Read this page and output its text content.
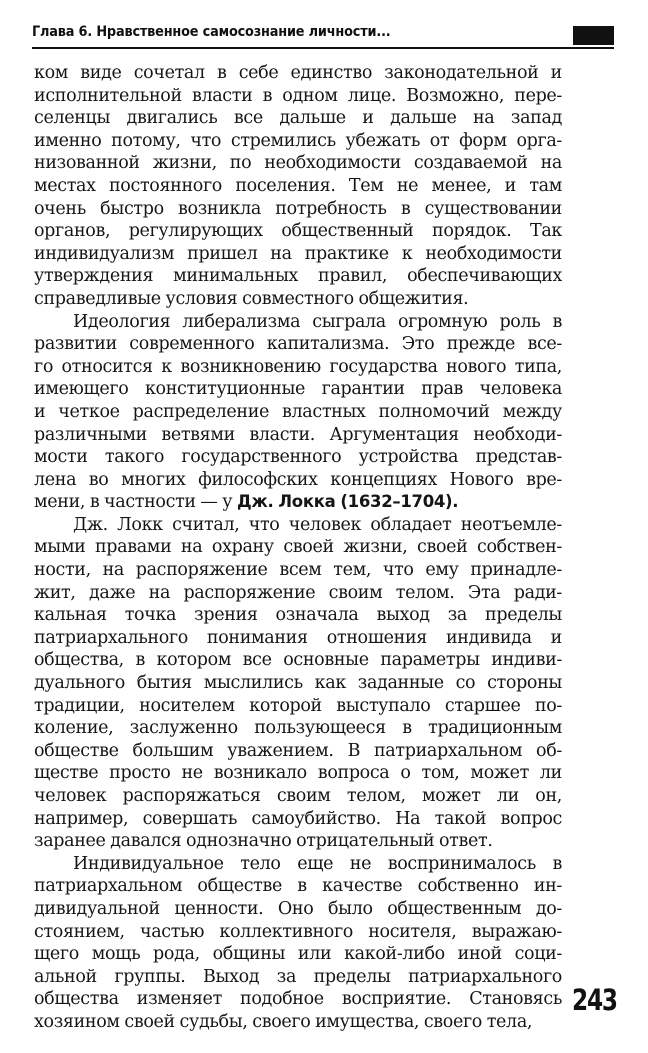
Глава 6. Нравственное самосознание личности...
ком виде сочетал в себе единство законодательной и
исполнительной власти в одном лице. Возможно, пере-
селенцы двигались все дальше и дальше на запад
именно потому, что стремились убежать от форм орга-
низованной жизни, по необходимости создаваемой на
местах постоянного поселения. Тем не менее, и там
очень быстро возникла потребность в существовании
органов, регулирующих общественный порядок. Так
индивидуализм пришел на практике к необходимости
утверждения минимальных правил, обеспечивающих
справедливые условия совместного общежития.
Идеология либерализма сыграла огромную роль в
развитии современного капитализма. Это прежде все-
го относится к возникновению государства нового типа,
имеющего конституционные гарантии прав человека
и четкое распределение властных полномочий между
различными ветвями власти. Аргументация необходи-
мости такого государственного устройства представ-
лена во многих философских концепциях Нового вре-
мени, в частности — у Дж. Локка (1632–1704).
Дж. Локк считал, что человек обладает неотъемле-
мыми правами на охрану своей жизни, своей собствен-
ности, на распоряжение всем тем, что ему принадле-
жит, даже на распоряжение своим телом. Эта ради-
кальная точка зрения означала выход за пределы
патриархального понимания отношения индивида и
общества, в котором все основные параметры индиви-
дуального бытия мыслились как заданные со стороны
традиции, носителем которой выступало старшее по-
коление, заслуженно пользующееся в традиционным
обществе большим уважением. В патриархальном об-
ществе просто не возникало вопроса о том, может ли
человек распоряжаться своим телом, может ли он,
например, совершать самоубийство. На такой вопрос
заранее давался однозначно отрицательный ответ.
Индивидуальное тело еще не воспринималось в
патриархальном обществе в качестве собственно ин-
дивидуальной ценности. Оно было общественным до-
стоянием, частью коллективного носителя, выражаю-
щего мощь рода, общины или какой-либо иной соци-
альной группы. Выход за пределы патриархального
общества изменяет подобное восприятие. Становясь
хозяином своей судьбы, своего имущества, своего тела,
243
